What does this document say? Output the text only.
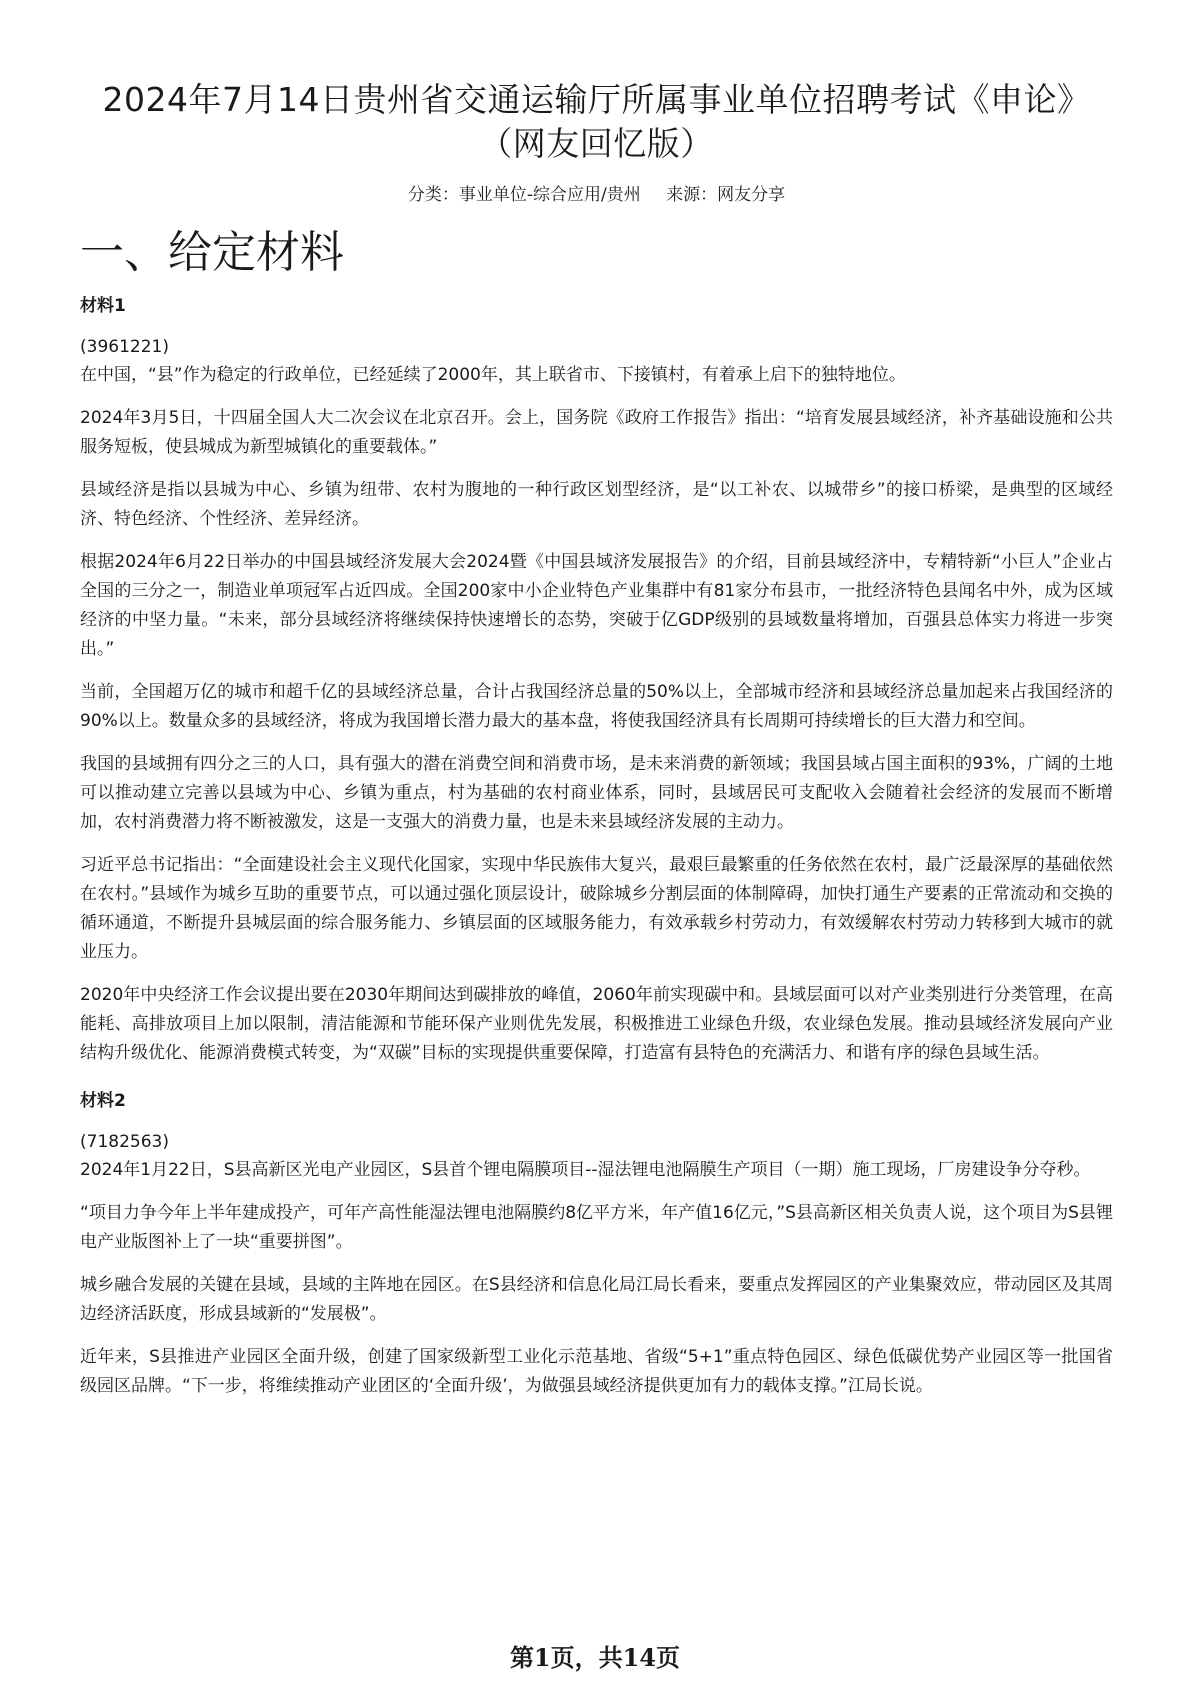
2024年7月14日贵州省交通运输厅所属事业单位招聘考试《申论》（网友回忆版）
分类：事业单位-综合应用/贵州 来源：网友分享
一、给定材料
材料1
(3961221)

在中国，“县”作为稳定的行政单位，已经延续了2000年，其上联省市、下接镇村，有着承上启下的独特地位。

2024年3月5日，十四届全国人大二次会议在北京召开。会上，国务院《政府工作报告》指出：“培育发展县域经济，补齐基础设施和公共服务短板，使县城成为新型城镇化的重要载体。”

县域经济是指以县城为中心、乡镇为纽带、农村为腹地的一种行政区划型经济，是“以工补农、以城带乡”的接口桥梁，是典型的区域经济、特色经济、个性经济、差异经济。

根据2024年6月22日举办的中国县域经济发展大会2024暨《中国县域济发展报告》的介绍，目前县域经济中，专精特新“小巨人”企业占全国的三分之一，制造业单项冠军占近四成。全国200家中小企业特色产业集群中有81家分布县市，一批经济特色县闻名中外，成为区域经济的中坚力量。“未来，部分县域经济将继续保持快速增长的态势，突破于亿GDP级别的县域数量将增加，百强县总体实力将进一步突出。”

当前，全国超万亿的城市和超千亿的县域经济总量，合计占我国经济总量的50%以上，全部城市经济和县域经济总量加起来占我国经济的90%以上。数量众多的县域经济，将成为我国增长潜力最大的基本盘，将使我国经济具有长周期可持续增长的巨大潜力和空间。

我国的县域拥有四分之三的人口，具有强大的潜在消费空间和消费市场，是未来消费的新领域；我国县域占国主面积的93%，广阔的土地可以推动建立完善以县域为中心、乡镇为重点，村为基础的农村商业体系，同时，县域居民可支配收入会随着社会经济的发展而不断增加，农村消费潜力将不断被激发，这是一支强大的消费力量，也是未来县域经济发展的主动力。

习近平总书记指出：“全面建设社会主义现代化国家，实现中华民族伟大复兴，最艰巨最繁重的任务依然在农村，最广泛最深厚的基础依然在农村。”县域作为城乡互助的重要节点，可以通过强化顶层设计，破除城乡分割层面的体制障碍，加快打通生产要素的正常流动和交换的循环通道，不断提升县城层面的综合服务能力、乡镇层面的区域服务能力，有效承载乡村劳动力，有效缓解农村劳动力转移到大城市的就业压力。

2020年中央经济工作会议提出要在2030年期间达到碳排放的峰值，2060年前实现碳中和。县域层面可以对产业类别进行分类管理，在高能耗、高排放项目上加以限制，清洁能源和节能环保产业则优先发展，积极推进工业绿色升级，农业绿色发展。推动县域经济发展向产业结构升级优化、能源消费模式转变，为“双碳”目标的实现提供重要保障，打造富有县特色的充满活力、和谐有序的绿色县域生活。

材料2
(7182563)

2024年1月22日，S县高新区光电产业园区，S县首个锂电隔膜项目--湿法锂电池隔膜生产项目（一期）施工现场，厂房建设争分夺秒。

“项目力争今年上半年建成投产，可年产高性能湿法锂电池隔膜约8亿平方米，年产值16亿元，”S县高新区相关负责人说，这个项目为S县锂电产业版图补上了一块“重要拼图”。

城乡融合发展的关键在县域，县域的主阵地在园区。在S县经济和信息化局江局长看来，要重点发挥园区的产业集聚效应，带动园区及其周边经济活跃度，形成县域新的“发展极”。

近年来，S县推进产业园区全面升级，创建了国家级新型工业化示范基地、省级“5+1”重点特色园区、绿色低碳优势产业园区等一批国省级园区品牌。“下一步，将维续推动产业团区的‘全面升级’，为做强县域经济提供更加有力的载体支撑。”江局长说。

第1页，共14页
